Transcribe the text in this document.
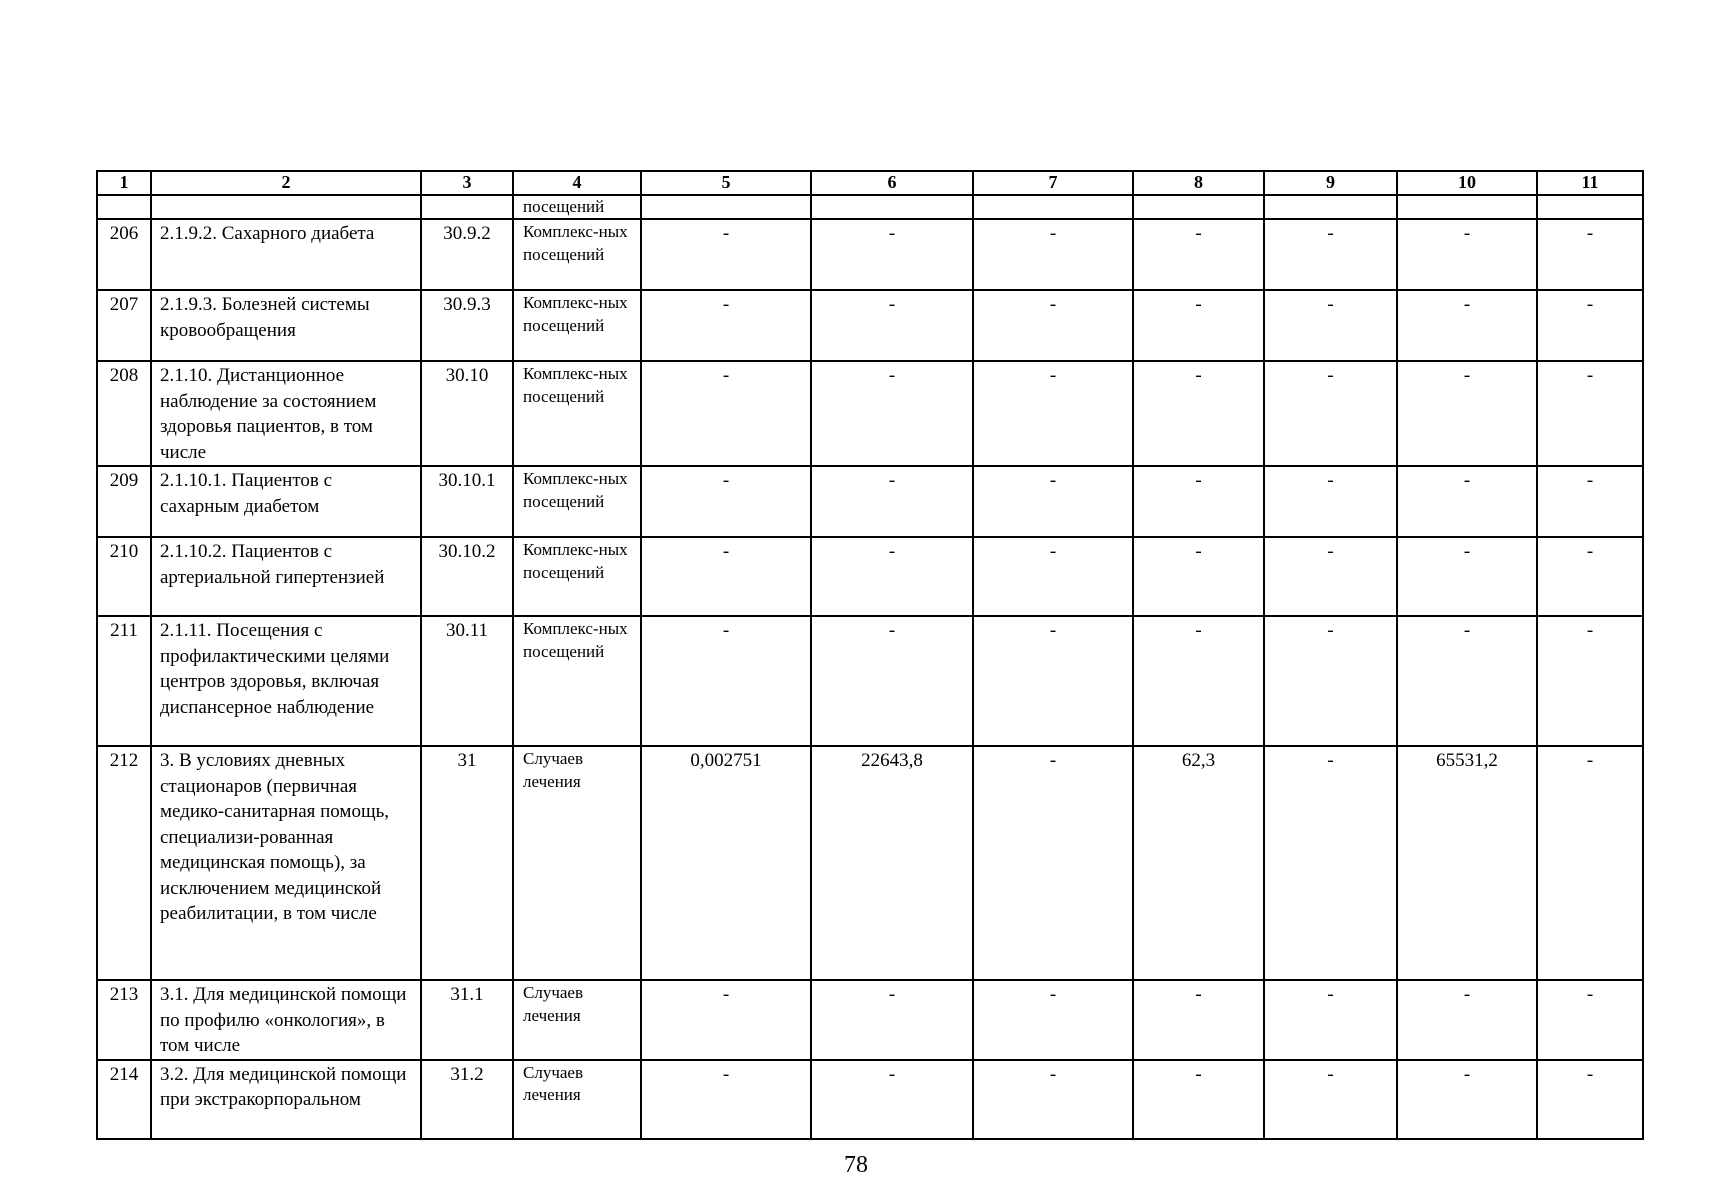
1	2	3	4	5	6	7	8	9	10	11
			посещений							
206	2.1.9.2. Сахарного диабета	30.9.2	Комплекс-ных посещений	-	-	-	-	-	-	-
207	2.1.9.3. Болезней системы кровообращения	30.9.3	Комплекс-ных посещений	-	-	-	-	-	-	-
208	2.1.10. Дистанционное наблюдение за состоянием здоровья пациентов, в том числе	30.10	Комплекс-ных посещений	-	-	-	-	-	-	-
209	2.1.10.1. Пациентов с сахарным диабетом	30.10.1	Комплекс-ных посещений	-	-	-	-	-	-	-
210	2.1.10.2. Пациентов с артериальной гипертензией	30.10.2	Комплекс-ных посещений	-	-	-	-	-	-	-
211	2.1.11. Посещения с профилактическими целями центров здоровья, включая диспансерное наблюдение	30.11	Комплекс-ных посещений	-	-	-	-	-	-	-
212	3. В условиях дневных стационаров (первичная медико-санитарная помощь, специализи-рованная медицинская помощь), за исключением медицинской реабилитации, в том числе	31	Случаев лечения	0,002751	22643,8	-	62,3	-	65531,2	-
213	3.1. Для медицинской помощи по профилю «онкология», в том числе	31.1	Случаев лечения	-	-	-	-	-	-	-
214	3.2. Для медицинской помощи при экстракорпоральном	31.2	Случаев лечения	-	-	-	-	-	-	-
78
